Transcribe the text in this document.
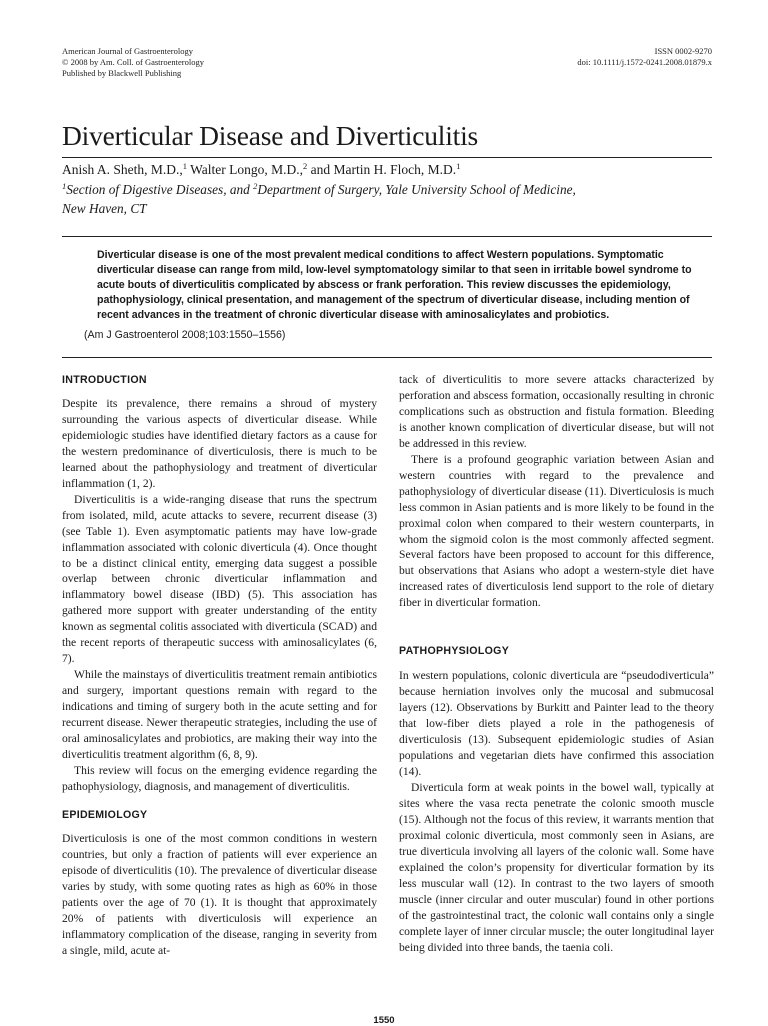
American Journal of Gastroenterology
© 2008 by Am. Coll. of Gastroenterology
Published by Blackwell Publishing
ISSN 0002-9270
doi: 10.1111/j.1572-0241.2008.01879.x
Diverticular Disease and Diverticulitis
Anish A. Sheth, M.D.,$^1$ Walter Longo, M.D.,$^2$ and Martin H. Floch, M.D.$^1$
$^1$Section of Digestive Diseases, and $^2$Department of Surgery, Yale University School of Medicine,
New Haven, CT

Diverticular disease is one of the most prevalent medical conditions to affect Western populations. Symptomatic diverticular disease can range from mild, low-level symptomatology similar to that seen in irritable bowel syndrome to acute bouts of diverticulitis complicated by abscess or frank perforation. This review discusses the epidemiology, pathophysiology, clinical presentation, and management of the spectrum of diverticular disease, including mention of recent advances in the treatment of chronic diverticular disease with aminosalicylates and probiotics.

(Am J Gastroenterol 2008;103:1550–1556)
INTRODUCTION

Despite its prevalence, there remains a shroud of mystery surrounding the various aspects of diverticular disease. While epidemiologic studies have identified dietary factors as a cause for the western predominance of diverticulosis, there is much to be learned about the pathophysiology and treatment of diverticular inflammation (1, 2).

Diverticulitis is a wide-ranging disease that runs the spectrum from isolated, mild, acute attacks to severe, recurrent disease (3) (see Table 1). Even asymptomatic patients may have low-grade inflammation associated with colonic diverticula (4). Once thought to be a distinct clinical entity, emerging data suggest a possible overlap between chronic diverticular inflammation and inflammatory bowel disease (IBD) (5). This association has gathered more support with greater understanding of the entity known as segmental colitis associated with diverticula (SCAD) and the recent reports of therapeutic success with aminosalicylates (6, 7).

While the mainstays of diverticulitis treatment remain antibiotics and surgery, important questions remain with regard to the indications and timing of surgery both in the acute setting and for recurrent disease. Newer therapeutic strategies, including the use of oral aminosalicylates and probiotics, are making their way into the diverticulitis treatment algorithm (6, 8, 9).

This review will focus on the emerging evidence regarding the pathophysiology, diagnosis, and management of diverticulitis.

EPIDEMIOLOGY

Diverticulosis is one of the most common conditions in western countries, but only a fraction of patients will ever experience an episode of diverticulitis (10). The prevalence of diverticular disease varies by study, with some quoting rates as high as 60% in those patients over the age of 70 (1). It is thought that approximately 20% of patients with diverticulosis will experience an inflammatory complication of the disease, ranging in severity from a single, mild, acute at-

tack of diverticulitis to more severe attacks characterized by perforation and abscess formation, occasionally resulting in chronic complications such as obstruction and fistula formation. Bleeding is another known complication of diverticular disease, but will not be addressed in this review.

There is a profound geographic variation between Asian and western countries with regard to the prevalence and pathophysiology of diverticular disease (11). Diverticulosis is much less common in Asian patients and is more likely to be found in the proximal colon when compared to their western counterparts, in whom the sigmoid colon is the most commonly affected segment. Several factors have been proposed to account for this difference, but observations that Asians who adopt a western-style diet have increased rates of diverticulosis lend support to the role of dietary fiber in diverticular formation.

PATHOPHYSIOLOGY

In western populations, colonic diverticula are “pseudodiverticula” because herniation involves only the mucosal and submucosal layers (12). Observations by Burkitt and Painter lead to the theory that low-fiber diets played a role in the pathogenesis of diverticulosis (13). Subsequent epidemiologic studies of Asian populations and vegetarian diets have confirmed this association (14).

Diverticula form at weak points in the bowel wall, typically at sites where the vasa recta penetrate the colonic smooth muscle (15). Although not the focus of this review, it warrants mention that proximal colonic diverticula, most commonly seen in Asians, are true diverticula involving all layers of the colonic wall. Some have explained the colon’s propensity for diverticular formation by its less muscular wall (12). In contrast to the two layers of smooth muscle (inner circular and outer muscular) found in other portions of the gastrointestinal tract, the colonic wall contains only a single complete layer of inner circular muscle; the outer longitudinal layer being divided into three bands, the taenia coli.

1550
